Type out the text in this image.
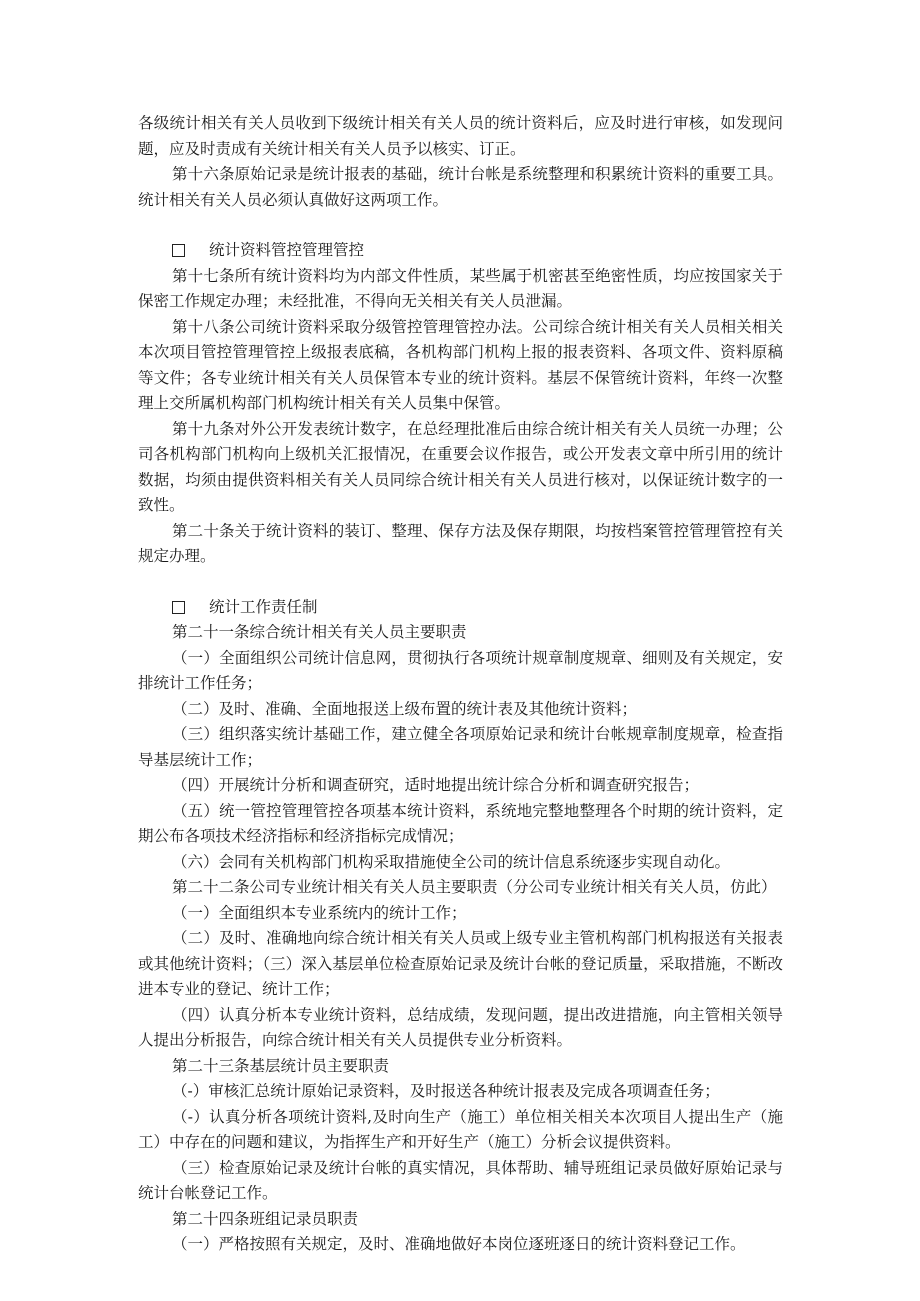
各级统计相关有关人员收到下级统计相关有关人员的统计资料后，应及时进行审核，如发现问题，应及时责成有关统计相关有关人员予以核实、订正。

第十六条原始记录是统计报表的基础，统计台帐是系统整理和积累统计资料的重要工具。统计相关有关人员必须认真做好这两项工作。

统计资料管控管理管控

第十七条所有统计资料均为内部文件性质，某些属于机密甚至绝密性质，均应按国家关于保密工作规定办理；未经批准，不得向无关相关有关人员泄漏。

第十八条公司统计资料采取分级管控管理管控办法。公司综合统计相关有关人员相关相关本次项目管控管理管控上级报表底稿，各机构部门机构上报的报表资料、各项文件、资料原稿等文件；各专业统计相关有关人员保管本专业的统计资料。基层不保管统计资料，年终一次整理上交所属机构部门机构统计相关有关人员集中保管。

第十九条对外公开发表统计数字，在总经理批准后由综合统计相关有关人员统一办理；公司各机构部门机构向上级机关汇报情况，在重要会议作报告，或公开发表文章中所引用的统计数据，均须由提供资料相关有关人员同综合统计相关有关人员进行核对，以保证统计数字的一致性。

第二十条关于统计资料的装订、整理、保存方法及保存期限，均按档案管控管理管控有关规定办理。

统计工作责任制

第二十一条综合统计相关有关人员主要职责

（一）全面组织公司统计信息网，贯彻执行各项统计规章制度规章、细则及有关规定，安排统计工作任务；

（二）及时、准确、全面地报送上级布置的统计表及其他统计资料；

（三）组织落实统计基础工作，建立健全各项原始记录和统计台帐规章制度规章，检查指导基层统计工作；

（四）开展统计分析和调查研究，适时地提出统计综合分析和调查研究报告；

（五）统一管控管理管控各项基本统计资料，系统地完整地整理各个时期的统计资料，定期公布各项技术经济指标和经济指标完成情况；

（六）会同有关机构部门机构采取措施使全公司的统计信息系统逐步实现自动化。

第二十二条公司专业统计相关有关人员主要职责（分公司专业统计相关有关人员，仿此）

（一）全面组织本专业系统内的统计工作；

（二）及时、准确地向综合统计相关有关人员或上级专业主管机构部门机构报送有关报表或其他统计资料；（三）深入基层单位检查原始记录及统计台帐的登记质量，采取措施，不断改进本专业的登记、统计工作；

（四）认真分析本专业统计资料，总结成绩，发现问题，提出改进措施，向主管相关领导人提出分析报告，向综合统计相关有关人员提供专业分析资料。

第二十三条基层统计员主要职责

（-）审核汇总统计原始记录资料，及时报送各种统计报表及完成各项调查任务；

（-）认真分析各项统计资料,及时向生产（施工）单位相关相关本次项目人提出生产（施工）中存在的问题和建议，为指挥生产和开好生产（施工）分析会议提供资料。

（三）检查原始记录及统计台帐的真实情况，具体帮助、辅导班组记录员做好原始记录与统计台帐登记工作。

第二十四条班组记录员职责

（一）严格按照有关规定，及时、准确地做好本岗位逐班逐日的统计资料登记工作。
